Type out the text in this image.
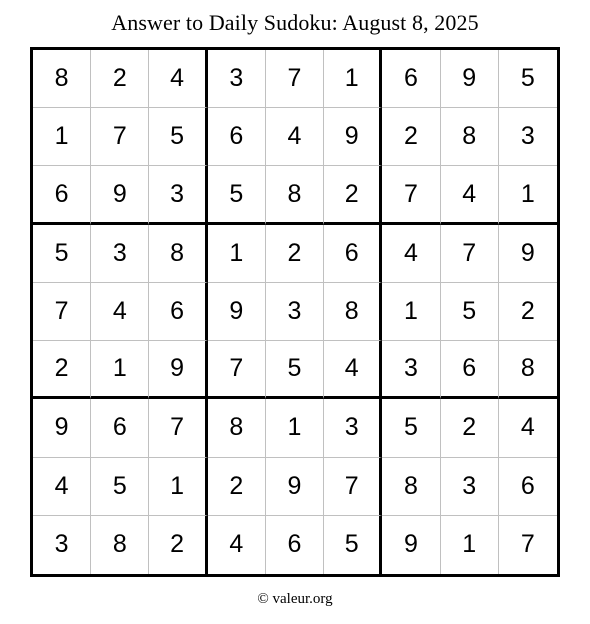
Answer to Daily Sudoku: August 8, 2025
8	2	4	3	7	1	6	9	5
1	7	5	6	4	9	2	8	3
6	9	3	5	8	2	7	4	1
5	3	8	1	2	6	4	7	9
7	4	6	9	3	8	1	5	2
2	1	9	7	5	4	3	6	8
9	6	7	8	1	3	5	2	4
4	5	1	2	9	7	8	3	6
3	8	2	4	6	5	9	1	7
© valeur.org
